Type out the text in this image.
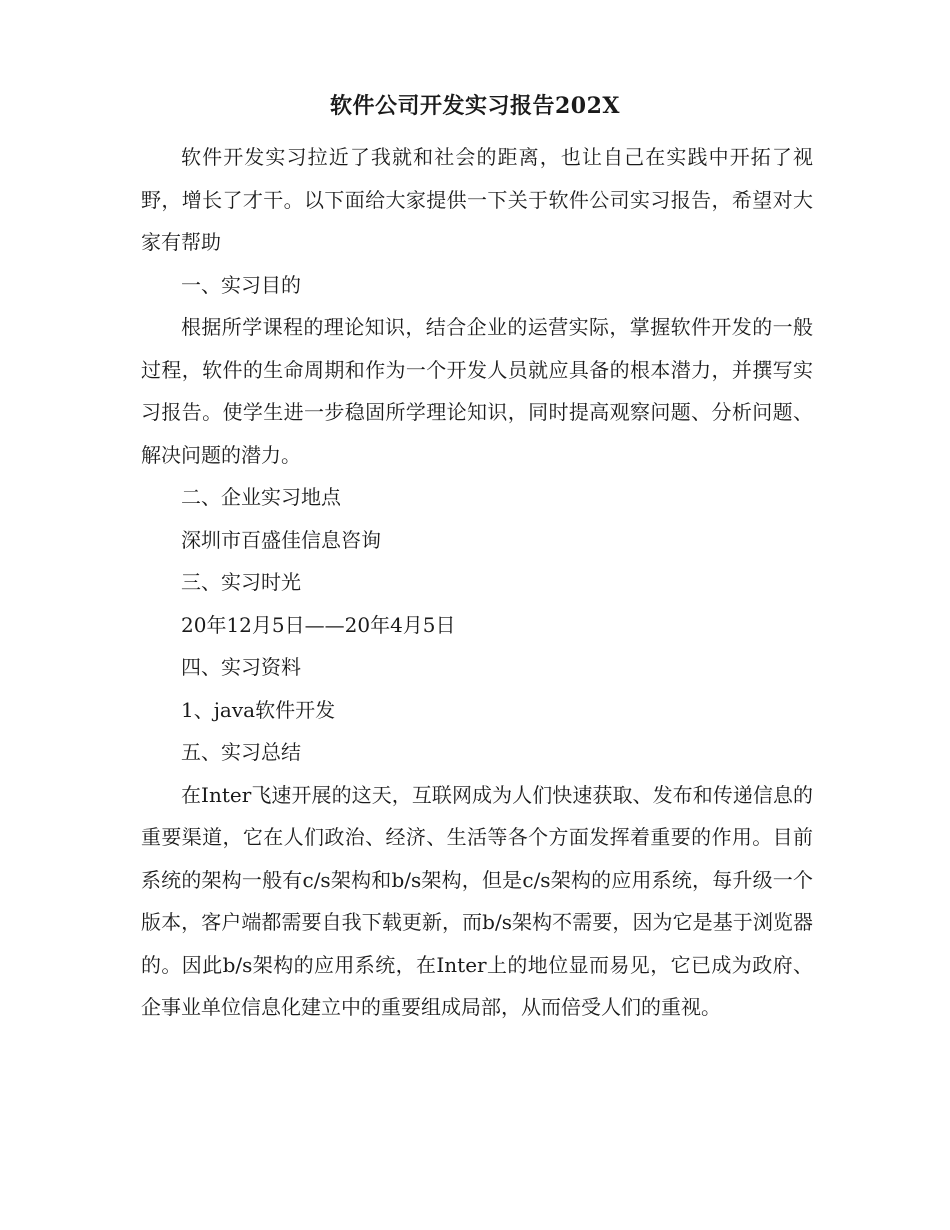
软件公司开发实习报告202X

软件开发实习拉近了我就和社会的距离，也让自己在实践中开拓了视野，增长了才干。以下面给大家提供一下关于软件公司实习报告，希望对大家有帮助

一、实习目的

根据所学课程的理论知识，结合企业的运营实际，掌握软件开发的一般过程，软件的生命周期和作为一个开发人员就应具备的根本潜力，并撰写实习报告。使学生进一步稳固所学理论知识，同时提高观察问题、分析问题、解决问题的潜力。

二、企业实习地点

深圳市百盛佳信息咨询

三、实习时光

20年12月5日——20年4月5日

四、实习资料

1、java软件开发

五、实习总结

在Inter飞速开展的这天，互联网成为人们快速获取、发布和传递信息的重要渠道，它在人们政治、经济、生活等各个方面发挥着重要的作用。目前系统的架构一般有c/s架构和b/s架构，但是c/s架构的应用系统，每升级一个版本，客户端都需要自我下载更新，而b/s架构不需要，因为它是基于浏览器的。因此b/s架构的应用系统，在Inter上的地位显而易见，它已成为政府、企事业单位信息化建立中的重要组成局部，从而倍受人们的重视。
